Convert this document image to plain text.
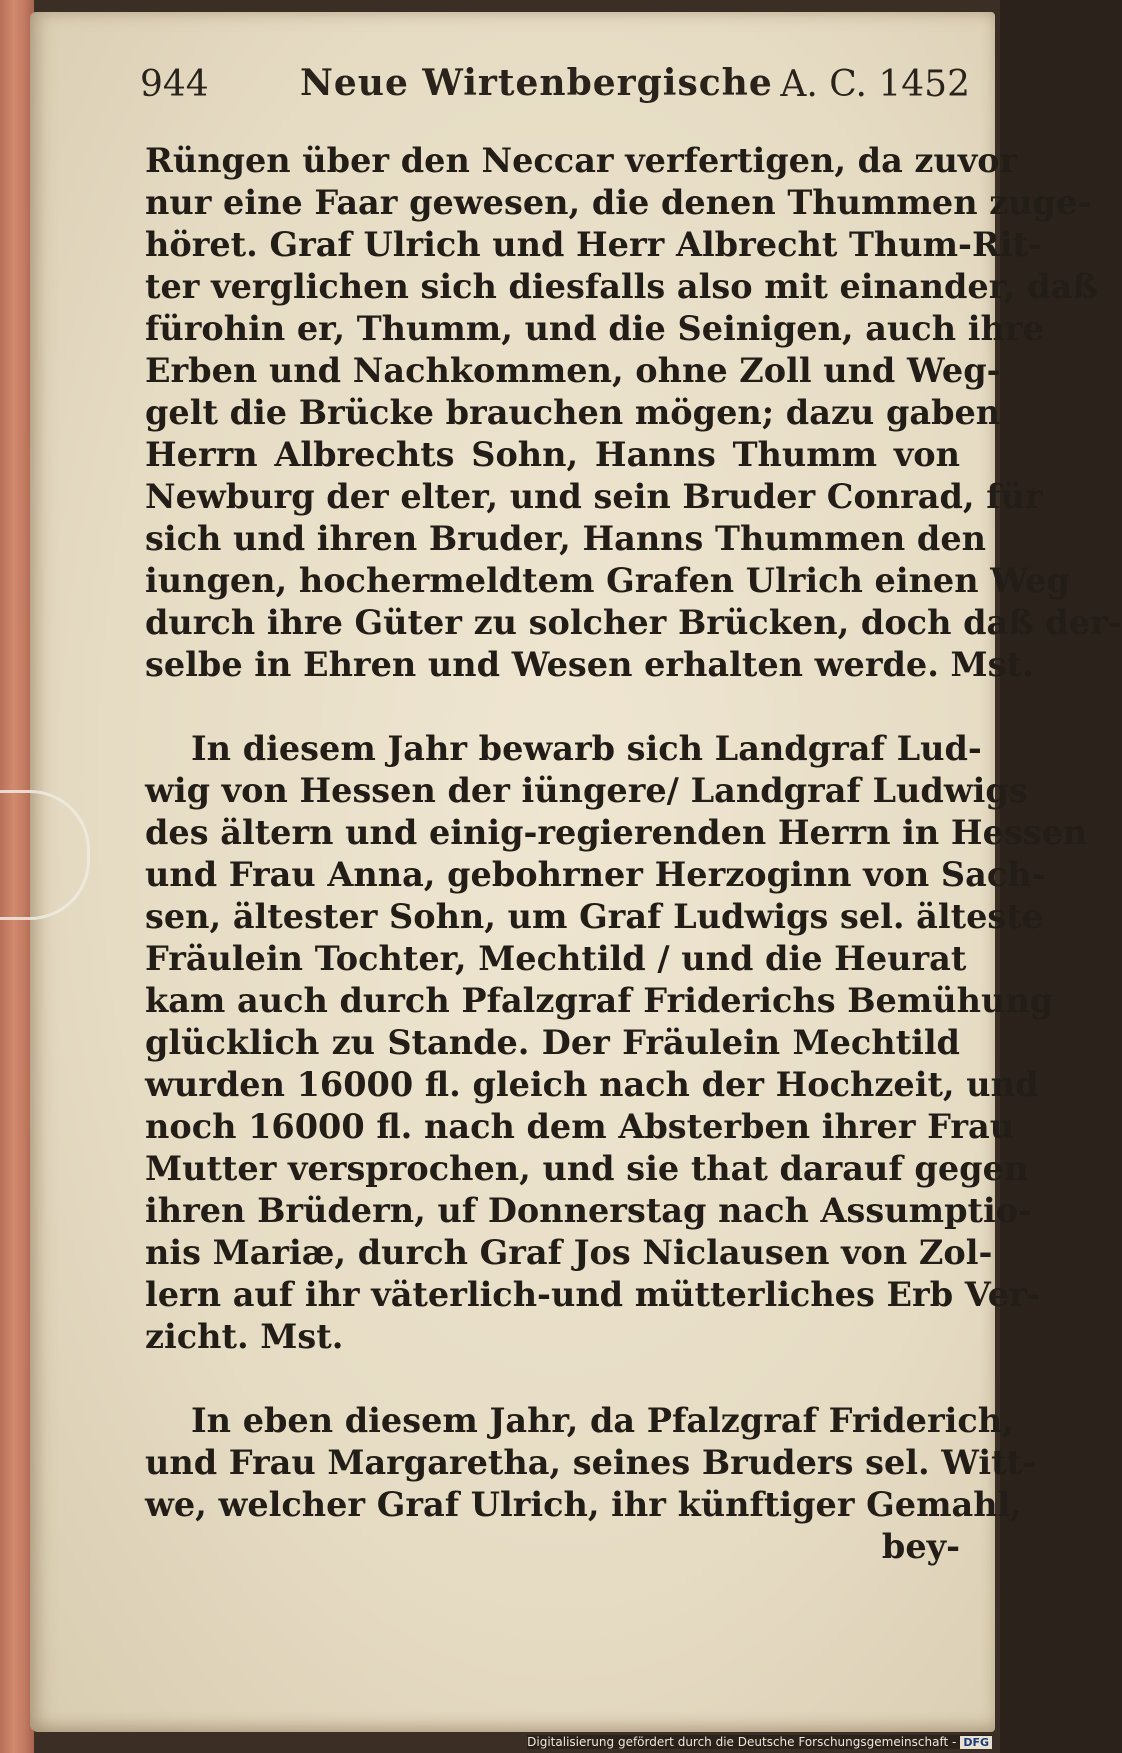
944	Neue Wirtenbergische A. C. 1452
Rüngen über den Neccar verfertigen, da zuvor
nur eine Faar gewesen, die denen Thummen zuge-
höret. Graf Ulrich und Herr Albrecht Thum-Rit-
ter verglichen sich diesfalls also mit einander, daß
fürohin er, Thumm, und die Seinigen, auch ihre
Erben und Nachkommen, ohne Zoll und Weg-
gelt die Brücke brauchen mögen; dazu gaben
Herrn Albrechts Sohn, Hanns Thumm von
Newburg der elter, und sein Bruder Conrad, für
sich und ihren Bruder, Hanns Thummen den
iungen, hochermeldtem Grafen Ulrich einen Weg
durch ihre Güter zu solcher Brücken, doch daß der-
selbe in Ehren und Wesen erhalten werde. Mst.
In diesem Jahr bewarb sich Landgraf Lud-
wig von Hessen der iüngere/ Landgraf Ludwigs
des ältern und einig-regierenden Herrn in Hessen
und Frau Anna, gebohrner Herzoginn von Sach-
sen, ältester Sohn, um Graf Ludwigs sel. älteste
Fräulein Tochter, Mechtild / und die Heurat
kam auch durch Pfalzgraf Friderichs Bemühung
glücklich zu Stande. Der Fräulein Mechtild
wurden 16000 fl. gleich nach der Hochzeit, und
noch 16000 fl. nach dem Absterben ihrer Frau
Mutter versprochen, und sie that darauf gegen
ihren Brüdern, uf Donnerstag nach Assumptio-
nis Mariæ, durch Graf Jos Niclausen von Zol-
lern auf ihr väterlich-und mütterliches Erb Ver-
zicht. Mst.
In eben diesem Jahr, da Pfalzgraf Friderich,
und Frau Margaretha, seines Bruders sel. Witt-
we, welcher Graf Ulrich, ihr künftiger Gemahl,
bey-
Digitalisierung gefördert durch die Deutsche Forschungsgemeinschaft - DFG
